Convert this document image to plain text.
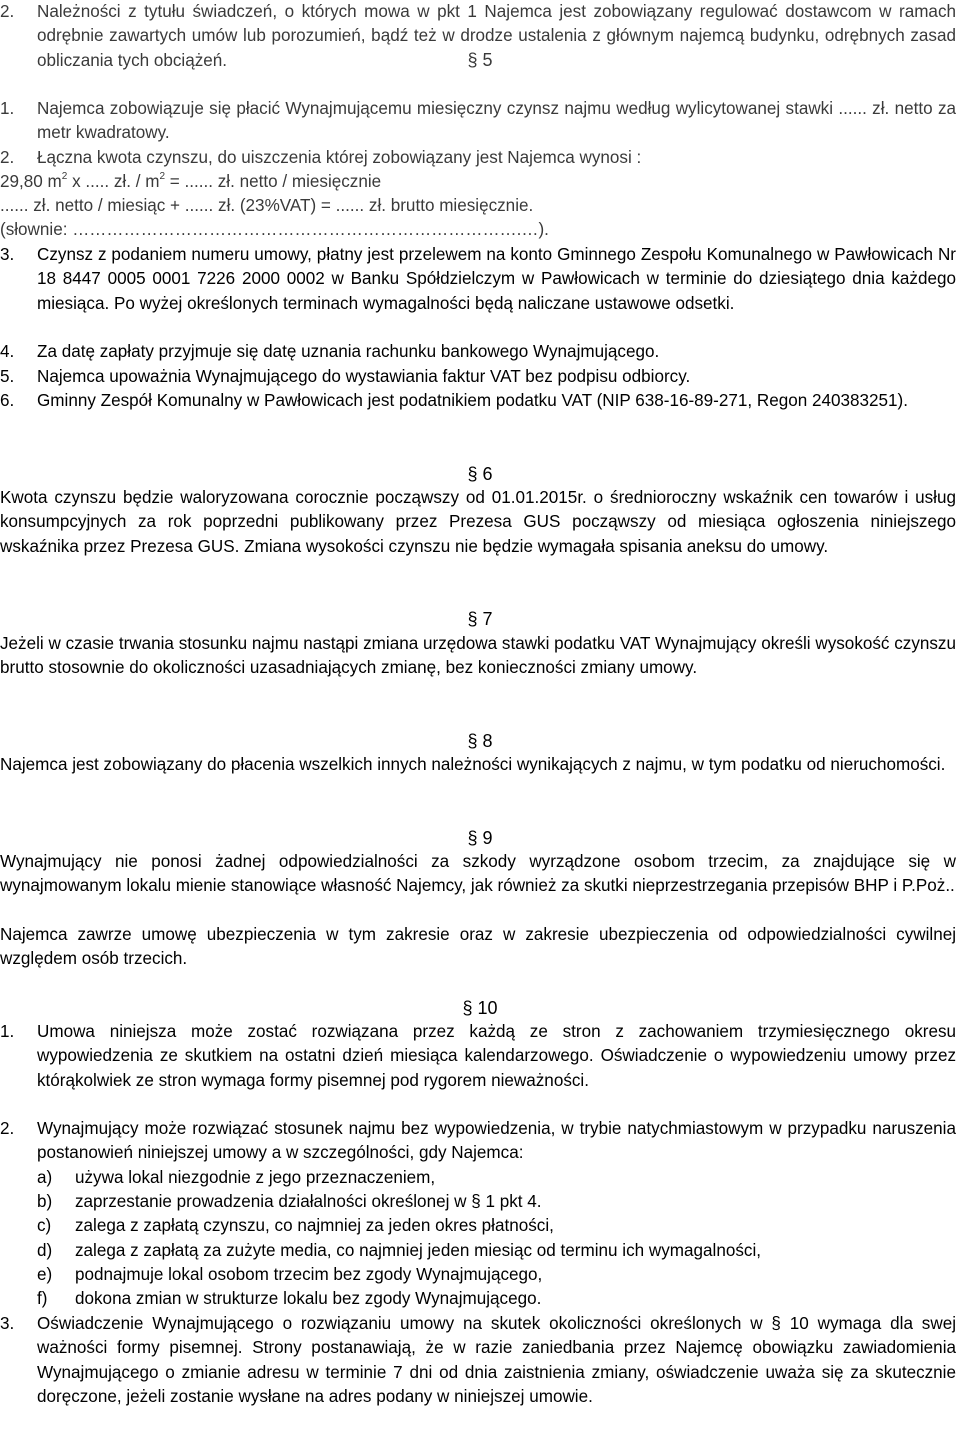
2. Należności z tytułu świadczeń, o których mowa w pkt 1 Najemca jest zobowiązany regulować dostawcom w ramach odrębnie zawartych umów lub porozumień, bądź też w drodze ustalenia z głównym najemcą budynku, odrębnych zasad obliczania tych obciążeń.	§ 5

1. Najemca zobowiązuje się płacić Wynajmującemu miesięczny czynsz najmu według wylicytowanej stawki ...... zł. netto za metr kwadratowy.

2. Łączna kwota czynszu, do uiszczenia której zobowiązany jest Najemca wynosi :

29,80 $m^2$ x ..... zł. / $m^2$ = ...... zł. netto / miesięcznie

...... zł. netto / miesiąc + ...... zł. (23%VAT) = ...... zł. brutto miesięcznie.

(słownie: …………………………………………………………………….…).

3. Czynsz z podaniem numeru umowy, płatny jest przelewem na konto Gminnego Zespołu Komunalnego w Pawłowicach Nr 18 8447 0005 0001 7226 2000 0002 w Banku Spółdzielczym w Pawłowicach w terminie do dziesiątego dnia każdego miesiąca. Po wyżej określonych terminach wymagalności będą naliczane ustawowe odsetki.

4. Za datę zapłaty przyjmuje się datę uznania rachunku bankowego Wynajmującego.

5. Najemca upoważnia Wynajmującego do wystawiania faktur VAT bez podpisu odbiorcy.

6. Gminny Zespół Komunalny w Pawłowicach jest podatnikiem podatku VAT (NIP 638-16-89-271, Regon 240383251).

§ 6

Kwota czynszu będzie waloryzowana corocznie począwszy od 01.01.2015r. o średnioroczny wskaźnik cen towarów i usług konsumpcyjnych za rok poprzedni publikowany przez Prezesa GUS począwszy od miesiąca ogłoszenia niniejszego wskaźnika przez Prezesa GUS. Zmiana wysokości czynszu nie będzie wymagała spisania aneksu do umowy.

§ 7

Jeżeli w czasie trwania stosunku najmu nastąpi zmiana urzędowa stawki podatku VAT Wynajmujący określi wysokość czynszu brutto stosownie do okoliczności uzasadniających zmianę, bez konieczności zmiany umowy.

§ 8

Najemca jest zobowiązany do płacenia wszelkich innych należności wynikających z najmu, w tym podatku od nieruchomości.

§ 9

Wynajmujący nie ponosi żadnej odpowiedzialności za szkody wyrządzone osobom trzecim, za znajdujące się w wynajmowanym lokalu mienie stanowiące własność Najemcy, jak również za skutki nieprzestrzegania przepisów BHP i P.Poż..

Najemca zawrze umowę ubezpieczenia w tym zakresie oraz w zakresie ubezpieczenia od odpowiedzialności cywilnej względem osób trzecich.

§ 10

1. Umowa niniejsza może zostać rozwiązana przez każdą ze stron z zachowaniem trzymiesięcznego okresu wypowiedzenia ze skutkiem na ostatni dzień miesiąca kalendarzowego. Oświadczenie o wypowiedzeniu umowy przez którąkolwiek ze stron wymaga formy pisemnej pod rygorem nieważności.

2. Wynajmujący może rozwiązać stosunek najmu bez wypowiedzenia, w trybie natychmiastowym w przypadku naruszenia postanowień niniejszej umowy a w szczególności, gdy Najemca:

a) używa lokal niezgodnie z jego przeznaczeniem,

b) zaprzestanie prowadzenia działalności określonej w § 1 pkt 4.

c) zalega z zapłatą czynszu, co najmniej za jeden okres płatności,

d) zalega z zapłatą za zużyte media, co najmniej jeden miesiąc od terminu ich wymagalności,

e) podnajmuje lokal osobom trzecim bez zgody Wynajmującego,

f) dokona zmian w strukturze lokalu bez zgody Wynajmującego.

3. Oświadczenie Wynajmującego o rozwiązaniu umowy na skutek okoliczności określonych w § 10 wymaga dla swej ważności formy pisemnej. Strony postanawiają, że w razie zaniedbania przez Najemcę obowiązku zawiadomienia Wynajmującego o zmianie adresu w terminie 7 dni od dnia zaistnienia zmiany, oświadczenie uważa się za skutecznie doręczone, jeżeli zostanie wysłane na adres podany w niniejszej umowie.
